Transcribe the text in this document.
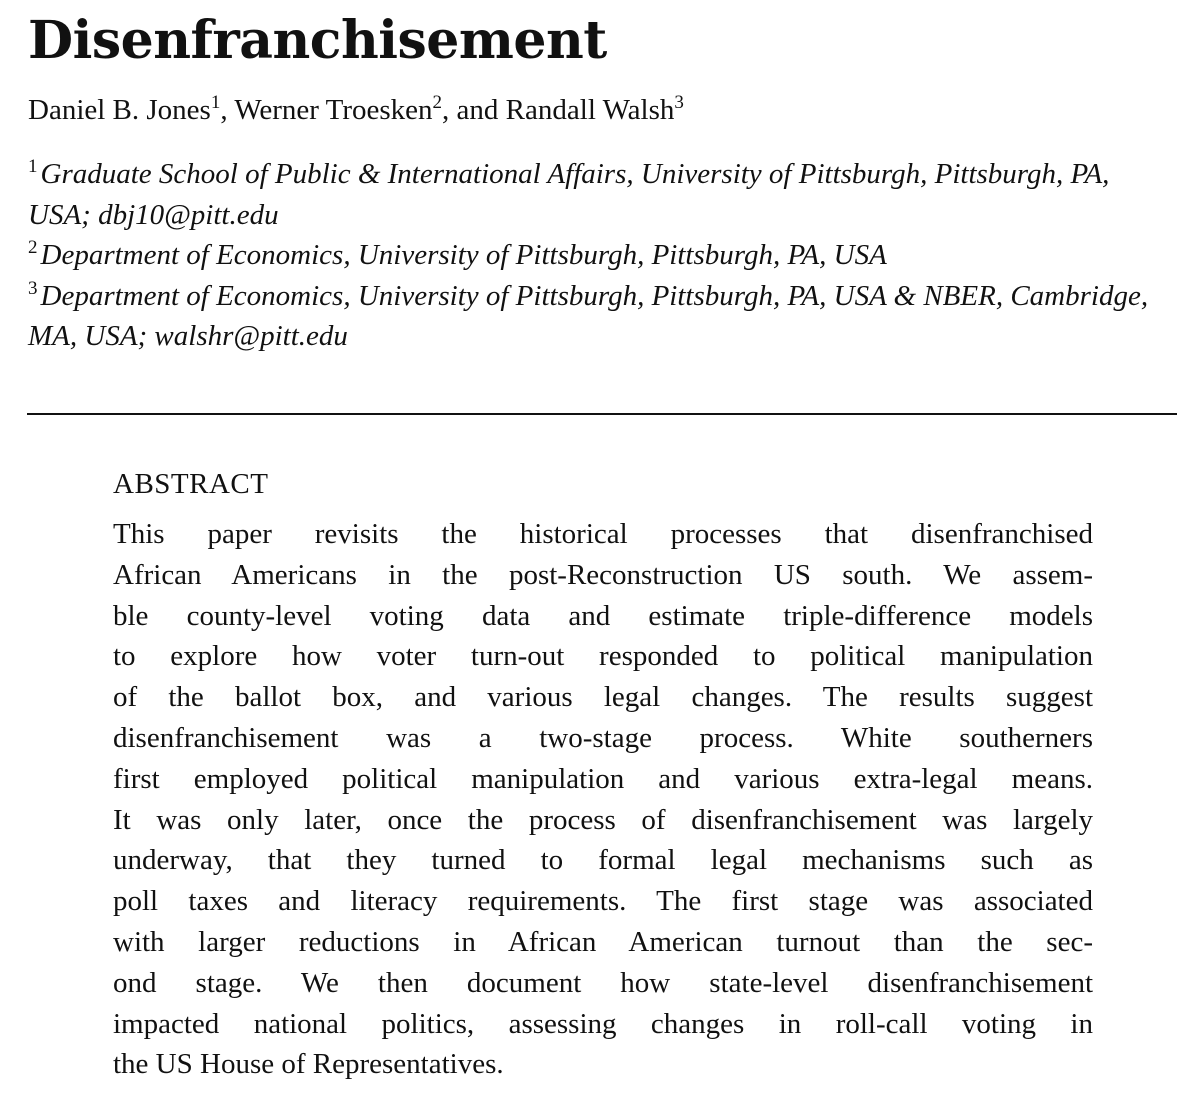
Disenfranchisement
Daniel B. Jones$^1$, Werner Troesken$^2$, and Randall Walsh$^3$

$^1$ Graduate School of Public & International Affairs, University of Pittsburgh, Pittsburgh, PA, USA; dbj10@pitt.edu

$^2$ Department of Economics, University of Pittsburgh, Pittsburgh, PA, USA

$^3$ Department of Economics, University of Pittsburgh, Pittsburgh, PA, USA & NBER, Cambridge, MA, USA; walshr@pitt.edu

ABSTRACT
This paper revisits the historical processes that disenfranchised
African Americans in the post-Reconstruction US south. We assem-
ble county-level voting data and estimate triple-difference models
to explore how voter turn-out responded to political manipulation
of the ballot box, and various legal changes. The results suggest
disenfranchisement was a two-stage process. White southerners
first employed political manipulation and various extra-legal means.
It was only later, once the process of disenfranchisement was largely
underway, that they turned to formal legal mechanisms such as
poll taxes and literacy requirements. The first stage was associated
with larger reductions in African American turnout than the sec-
ond stage. We then document how state-level disenfranchisement
impacted national politics, assessing changes in roll-call voting in
the US House of Representatives.
